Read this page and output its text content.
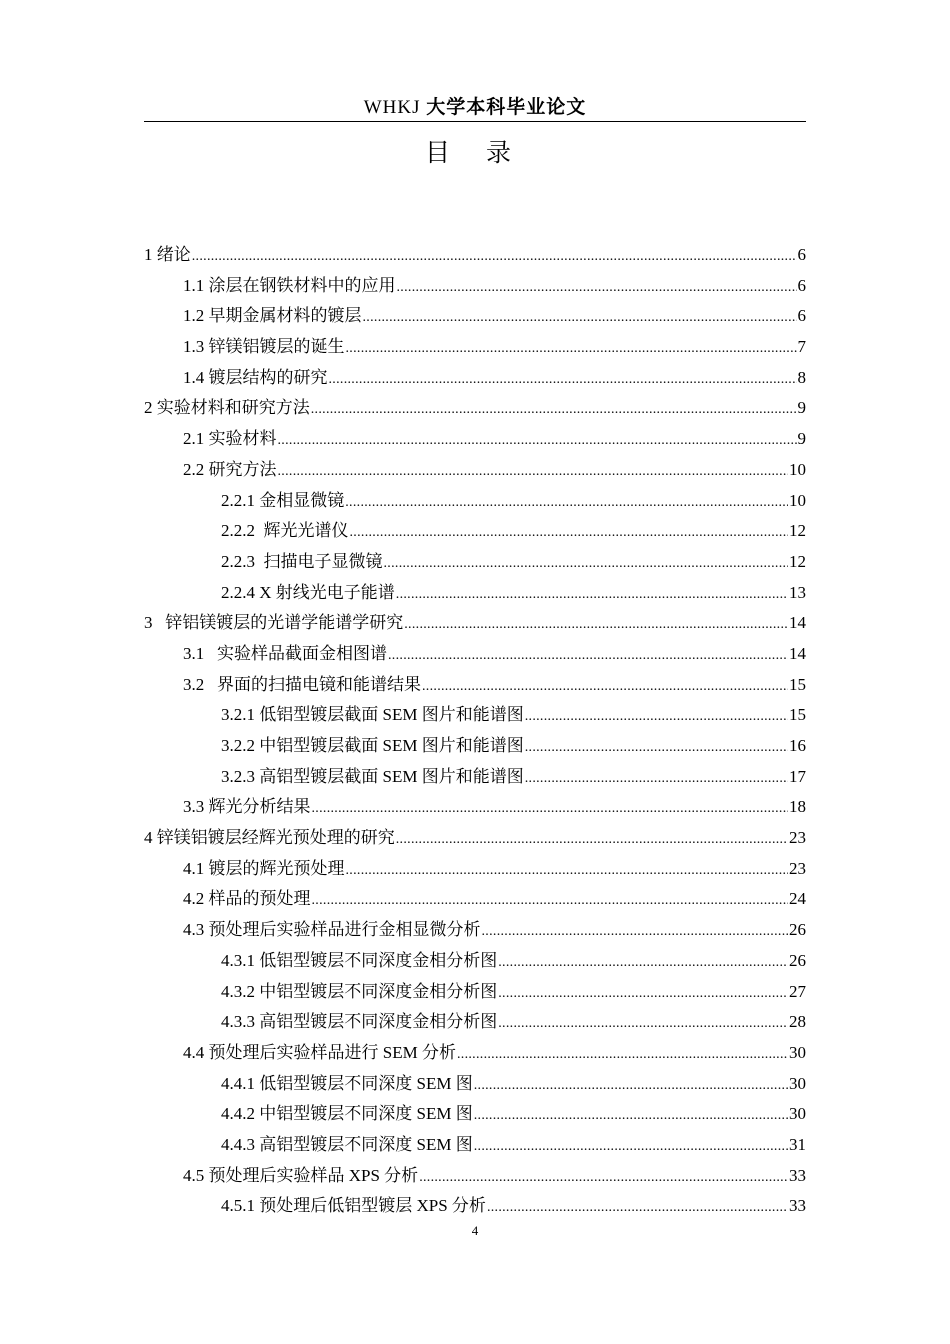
WHKJ 大学本科毕业论文
目 录
1 绪论 .....	6
1.1 涂层在钢铁材料中的应用 .....	6
1.2 早期金属材料的镀层 .....	6
1.3 锌镁铝镀层的诞生 .....	7
1.4 镀层结构的研究 .....	8
2 实验材料和研究方法 .....	9
2.1 实验材料 .....	9
2.2 研究方法 .....	10
2.2.1 金相显微镜 .....	10
2.2.2  辉光光谱仪 .....	12
2.2.3  扫描电子显微镜 .....	12
2.2.4 X 射线光电子能谱 .....	13
3   锌铝镁镀层的光谱学能谱学研究 .....	14
3.1   实验样品截面金相图谱 .....	14
3.2   界面的扫描电镜和能谱结果 .....	15
3.2.1 低铝型镀层截面 SEM 图片和能谱图 .....	15
3.2.2 中铝型镀层截面 SEM 图片和能谱图 .....	16
3.2.3 高铝型镀层截面 SEM 图片和能谱图 .....	17
3.3 辉光分析结果 .....	18
4 锌镁铝镀层经辉光预处理的研究 .....	23
4.1 镀层的辉光预处理 .....	23
4.2 样品的预处理 .....	24
4.3 预处理后实验样品进行金相显微分析 .....	26
4.3.1 低铝型镀层不同深度金相分析图 .....	26
4.3.2 中铝型镀层不同深度金相分析图 .....	27
4.3.3 高铝型镀层不同深度金相分析图 .....	28
4.4 预处理后实验样品进行 SEM 分析 .....	30
4.4.1 低铝型镀层不同深度 SEM 图 .....	30
4.4.2 中铝型镀层不同深度 SEM 图 .....	30
4.4.3 高铝型镀层不同深度 SEM 图 .....	31
4.5 预处理后实验样品 XPS 分析 .....	33
4.5.1 预处理后低铝型镀层 XPS 分析 .....	33
4
